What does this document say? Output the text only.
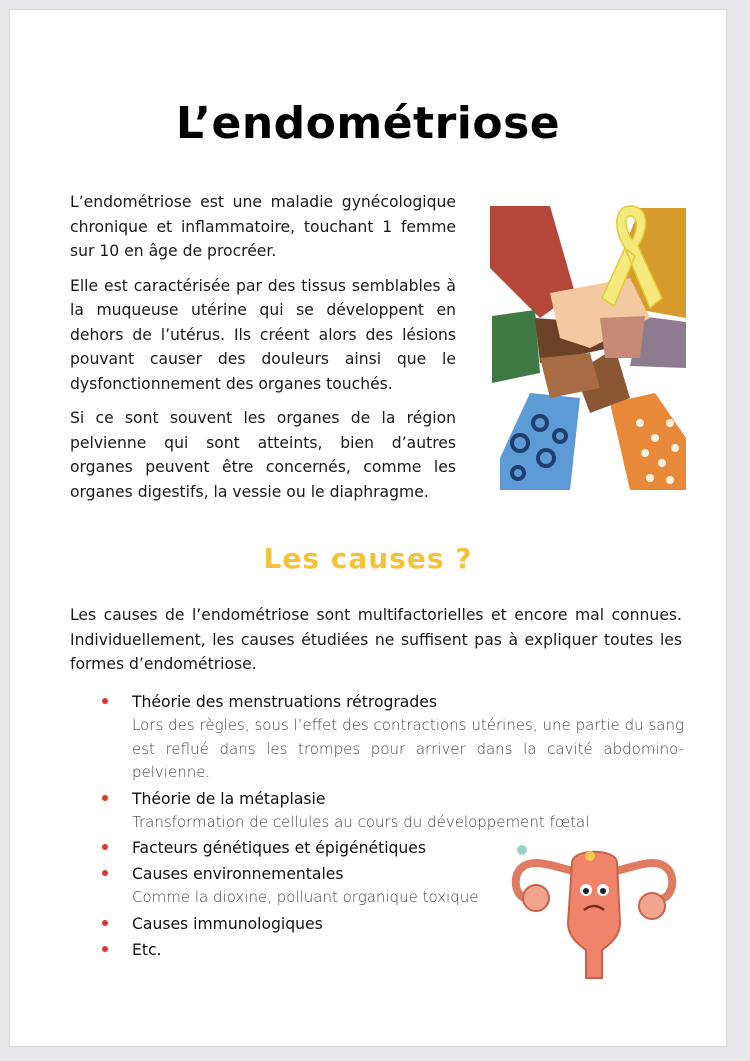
L’endométriose

L’endométriose est une maladie gynécologique chronique et inflammatoire, touchant 1 femme sur 10 en âge de procréer.

Elle est caractérisée par des tissus semblables à la muqueuse utérine qui se développent en dehors de l’utérus. Ils créent alors des lésions pouvant causer des douleurs ainsi que le dysfonctionnement des organes touchés.

Si ce sont souvent les organes de la région pelvienne qui sont atteints, bien d’autres organes peuvent être concernés, comme les organes digestifs, la vessie ou le diaphragme.

Les causes ?
Les causes de l’endométriose sont multifactorielles et encore mal connues. Individuellement, les causes étudiées ne suffisent pas à expliquer toutes les formes d’endométriose.
Théorie des menstruations rétrogrades
Lors des règles, sous l’effet des contractions utérines, une partie du sang est reflué dans les trompes pour arriver dans la cavité abdomino-pelvienne.
Théorie de la métaplasie
Transformation de cellules au cours du développement fœtal
Facteurs génétiques et épigénétiques
Causes environnementales
Comme la dioxine, polluant organique toxique
Causes immunologiques
Etc.
